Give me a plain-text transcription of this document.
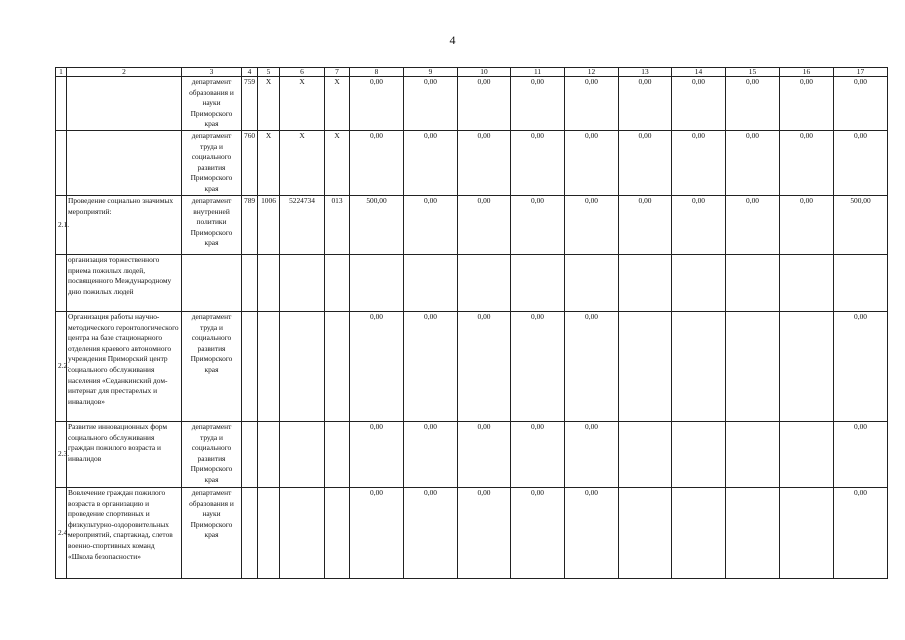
4
1	2	3	4	5	6	7	8	9	10	11	12	13	14	15	16	17
		департамент образования и науки Приморского края	759	X	X	X	0,00	0,00	0,00	0,00	0,00	0,00	0,00	0,00	0,00	0,00
		департамент труда и социального развития Приморского края	760	X	X	X	0,00	0,00	0,00	0,00	0,00	0,00	0,00	0,00	0,00	0,00
2.1.	Проведение социально значимых мероприятий:	департамент внутренней политики Приморского края	789	1006	5224734	013	500,00	0,00	0,00	0,00	0,00	0,00	0,00	0,00	0,00	500,00
	организация торжественного приема пожилых людей, посвященного Международному дню пожилых людей															
2.2.	Организация работы научно-методического геронтологического центра на базе стационарного отделения краевого автономного учреждения Приморский центр социального обслуживания населения «Седанкинский дом-интернат для престарелых и инвалидов»	департамент труда и социального развития Приморского края					0,00	0,00	0,00	0,00	0,00					0,00
2.3.	Развитие инновационных форм социального обслуживания граждан пожилого возраста и инвалидов	департамент труда и социального развития Приморского края					0,00	0,00	0,00	0,00	0,00					0,00
2.4.	Вовлечение граждан пожилого возраста в организацию и проведение спортивных и физкультурно-оздоровительных мероприятий, спартакиад, слетов военно-спортивных команд «Школа безопасности»	департамент образования и науки Приморского края					0,00	0,00	0,00	0,00	0,00					0,00
